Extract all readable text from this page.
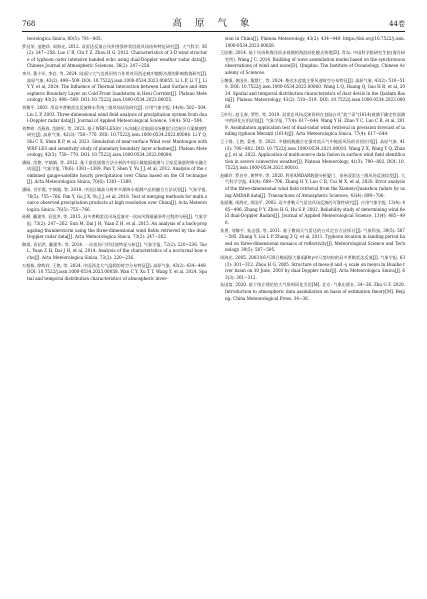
768	高 原 气 象	44卷

teorologica Sinica, 80(5): 791−805.

罗昌荣, 池艳珍, 周海光, 2012. 双雷达反演台风外围强带状回波风场结构特征研究[J]. 大气科学, 36(2): 247−258. Luo C R, Chi Y Z, Zhou H G, 2012. Characteristics of 3-D wind structure of typhoon outer intensive banded echo using dual-Doppler weather radar data[J]. Chinese Journal of Atmospheric Sciences, 36(2): 247−258.

李丹, 董小军, 李岩, 等, 2024. 陆面与大气边界层热力作用对河西走廊中越野沙漠的影响数值研究[J]. 高原气象, 43(2): 498−509. DOI: 10.7522/j.issn.1000-0534.2023.00055. Li L P, Li T J, Li Y Y, et al, 2024. The Influence of Thermal Interaction between Land Surface and Atmospheric Boundary Layer on Cold Front Sandstorm in Hexi Corridor[J]. Plateau Meteorology, 43(2): 498−509. DOI: 10.7522/j.issn.1000-0534.2023.00055.

刘黎平, 2003. 用双多普勒雷达反演降水系统三维风场试验研究[J]. 应用气象学报, 14(4): 502−504. Liu L P, 2003. Three-dimensional wind field analysis of precipitation system from dual-Doppler radar data[J]. Journal of Applied Meteorological Science, 14(4): 502−504.

刘梦婷, 肖燕春, 沈晓军, 等, 2023. 基于WRF-LES的门头沟城区近地面风场模拟与边界层方案敏感性研究[J]. 高原气象, 42(3): 758−770. DOI: 10.7522/j.issn.1000-0534.2022.00084. Li Y Q, Shi C X, Shen R P, et al, 2023. Simulation of near-surface Wind over Mentougou with WRF-LES and sensitivity study of planetary boundary layer schemes[J]. Plateau Meteorology, 42(3): 758−770. DOI: 10.7522/j.issn.1000-0534.2022.00084.

潘旸, 沈艳, 宇婧婧, 等, 2012. 基于最优插值方法分析的中国区域地面观测与卫星反演逐时降水融合试验[J]. 气象学报, 70(6): 1381−1389. Pan Y, Shen Y, Yu J J, et al, 2012. Analysis of the combined gauge-satellite hourly precipitation over China based on the OI technique[J]. Acta Meteorologica Sinica, 70(6): 1381−1389.

潘旸, 谷军霞, 宇婧婧, 等, 2018. 中国区域高分辨率多源降水观测产品的融合方法试验[J]. 气象学报, 76(5): 755−766. Pan Y, Gu J X, Yu J J, et al, 2018. Test of merging methods for multi-source observed precipitation products at high resolution over China[J]. Acta Meteorologica Sinica, 76(5): 755−766.

孙柳, 戴建华, 袁招洪, 等, 2015. 双多普勒雷达风场反演对一次向风锋能量事件过程的分析[J]. 气象学报, 73(2): 247−262. Sun M, Dai J H, Yuan Z H, et al, 2015. An analysis of a back-propagating thunderstorm using the three-dimensional wind fields retrieved by the dual-Doppler radar data[J]. Acta Meteorologica Sinica, 73(2): 247−262.

陶岚, 袁招洪, 戴建华, 等, 2014. 一次夜间弓形回波特征分析[J]. 气象学报, 72(2): 220−236. Tao L, Yuan Z H, Dai J H, et al, 2014. Analysis of the characteristics of a nocturnal bow echo[J]. Acta Meteorologica Sinica, 72(2): 220−236.

万超栋, 徐辉祥, 王艳, 等, 2024. 中国西北大气湿润的时空分布特征[J]. 高原气象, 43(2): 434−449. DOI: 10.7522/j.issn.1000-0534.2023.00058. Wan C Y, Xu T T, Wang Y, et al, 2024. Spatial and temporal distribution characteristics of atmospheric inver-

sion in China[J]. Plateau Meteorology, 43(2): 434−449. https://doi.org/10.7522/j.issn.1000-0534.2023.00058.

王际朝, 2014. 基于风场和海洋同步观测的海浪同化模式构建[D]. 青岛: 中国科学院研究生院(海洋研究所). Wang J C, 2014. Building of wave assimilation model based on the synchronous observations of wind and wave[D]. Qingdao: The Institute of Oceanology, Chinese Academy of Sciences.

王黎强, 黄国庆, 董慧仁, 等, 2024. 柴达木盆地主要风速时空分布特征[J]. 高原气象, 43(2): 510−519. DOI: 10.7522/j.issn.1000-0534.2023.00060. Wang L Q, Huang Q, Gao H R, et al, 2024. Spatial and temporal distribution characteristics of dust devils in the Qaidam Basin[J]. Plateau Meteorology, 43(2): 510−519. DOI: 10.7522/j.issn.1000-0534.2023.00060.

王叶红, 赵玉春, 罗世, 等, 2019. 双雷达风场反演资料在登陆台风"莫兰蒂"(1614)观测不确定性预测中的同化应用试验[J]. 气象学报, 77(4): 617−644. Wang Y H, Zhao Y C, Luo C R, et al, 2019. Assimilation application test of dual-radar wind retrieval in precision forecast of landing typhoon Meranti (1614)[J]. Acta Meteorologica Sinica, 77(4): 617−644.

王子锋, 王艳, 姜善, 等, 2022. 多随机数融合在强对流天气中地面风场的识别应用[J]. 高原气象, 41(3): 790−802. DOI: 10.7522/j.issn.1000-0534.2021.00010. Wang Z X, Wang Y Q, Zhang J, et al, 2022. Application of multi-source data fusion in surface wind field identification in severe convective weather[J]. Plateau Meteorology, 41(3): 790−802. DOI: 10.7522/j.issn.1000-0534.2021.00010.

赵峰玲, 罗启亭, 黄梦华, 等, 2020. 利用AMDAR数据分析厦门、泉州双雷达三维风场反演误差[J]. 大气科学学报, 43(4): 699−706. Zhang H Y, Luo C R, Cui M X, et al, 2020. Error analysis of the three-dimensional wind field retrieval from the Xiamen-Quanzhou radars by using AMDAR data[J]. Transactions of Atmospheric Sciences, 43(4): 699−706.

张丽娜, 周海光, 胡国平, 2002. 双多普勒天气雷达风场反演的可靠性研究[J]. 应用气象学报, 13(4): 485−496. Zhang P Y, Zhou H G, Hu S P, 2002. Reliability study of determining wind field dual-Doppler Radars[J]. Journal of Applied Meteorological Science, 13(4): 485−496.

张勇, 刘黎平, 张志强, 等, 2011. 基于微网天气雷达的台风定位方法探讨[J]. 气象科技, 39(5): 587−595. Zhang Y, Liu L P, Zhang Z Q, et al, 2011. Typhoon location in landing period based on three-dimensional mosaics of reflectivity[J]. Meteorological Science and Technology, 39(5): 587−595.

周海光, 2005. 2003年6月30日梅雨锋大暴雨β和γ中尺度结构的双多普勒雷达反演[J]. 气象学报, 63(3): 301−312. Zhou H G, 2005. Structure of meso-β and -γ scale on meiyu in Huaihe river basin on 30 June, 2003 by dual-Doppler radar[J]. Acta Meteorologica Sinica[J], 63(3): 301−312.

朱国富, 2020. 基于统计理论的大气资料同化引论[M]. 北京: 气象出版社, 34−36. Zhu G F, 2020. Introduction to atmospheric data assimilation on basis of estimation theory[M]. Beijing: China Meteorological Press, 34−36.
